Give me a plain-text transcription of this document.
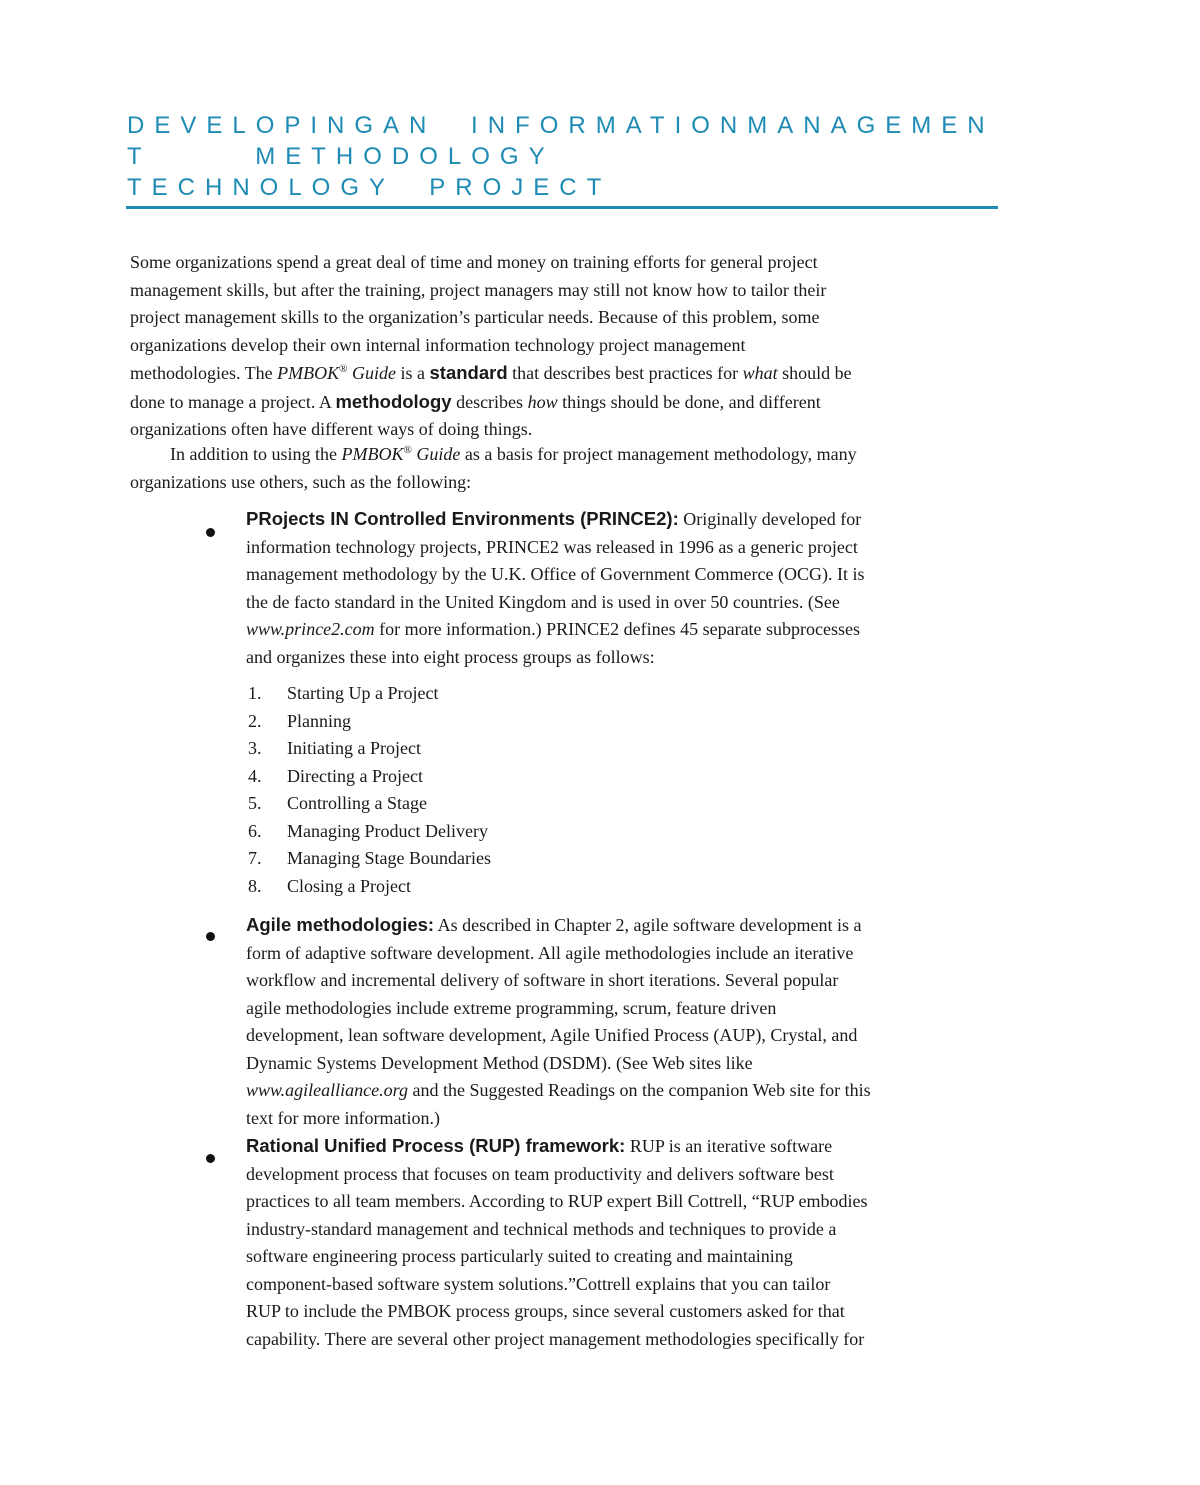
DEVELOPINGAN INFORMATIONMANAGEMEN
T   METHODOLOGY
TECHNOLOGY PROJECT
Some organizations spend a great deal of time and money on training efforts for general project
management skills, but after the training, project managers may still not know how to tailor their
project management skills to the organization’s particular needs. Because of this problem, some
organizations develop their own internal information technology project management
methodologies. The PMBOK® Guide is a standard that describes best practices for what should be
done to manage a project. A methodology describes how things should be done, and different
organizations often have different ways of doing things.
In addition to using the PMBOK® Guide as a basis for project management methodology, many
organizations use others, such as the following:
PRojects IN Controlled Environments (PRINCE2): Originally developed for
information technology projects, PRINCE2 was released in 1996 as a generic project
management methodology by the U.K. Office of Government Commerce (OCG). It is
the de facto standard in the United Kingdom and is used in over 50 countries. (See
www.prince2.com for more information.) PRINCE2 defines 45 separate subprocesses
and organizes these into eight process groups as follows:
1. Starting Up a Project
2. Planning
3. Initiating a Project
4. Directing a Project
5. Controlling a Stage
6. Managing Product Delivery
7. Managing Stage Boundaries
8. Closing a Project
Agile methodologies: As described in Chapter 2, agile software development is a
form of adaptive software development. All agile methodologies include an iterative
workflow and incremental delivery of software in short iterations. Several popular
agile methodologies include extreme programming, scrum, feature driven
development, lean software development, Agile Unified Process (AUP), Crystal, and
Dynamic Systems Development Method (DSDM). (See Web sites like
www.agilealliance.org and the Suggested Readings on the companion Web site for this
text for more information.)
Rational Unified Process (RUP) framework: RUP is an iterative software
development process that focuses on team productivity and delivers software best
practices to all team members. According to RUP expert Bill Cottrell, “RUP embodies
industry-standard management and technical methods and techniques to provide a
software engineering process particularly suited to creating and maintaining
component-based software system solutions.”Cottrell explains that you can tailor
RUP to include the PMBOK process groups, since several customers asked for that
capability. There are several other project management methodologies specifically for
